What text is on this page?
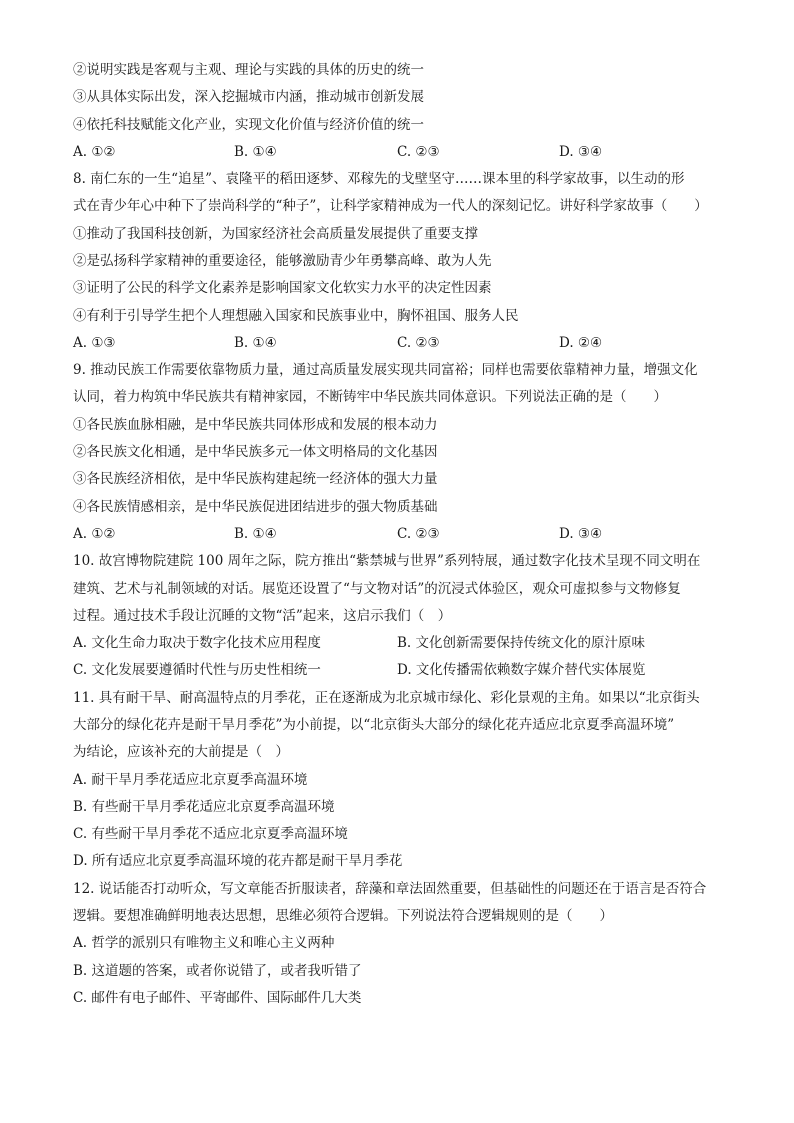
②说明实践是客观与主观、理论与实践的具体的历史的统一
③从具体实际出发，深入挖掘城市内涵，推动城市创新发展
④依托科技赋能文化产业，实现文化价值与经济价值的统一
A. ①②	B. ①④	C. ②③	D. ③④
8. 南仁东的一生“追星”、袁隆平的稻田逐梦、邓稼先的戈壁坚守……课本里的科学家故事，以生动的形
式在青少年心中种下了崇尚科学的“种子”，让科学家精神成为一代人的深刻记忆。讲好科学家故事（　　）
①推动了我国科技创新，为国家经济社会高质量发展提供了重要支撑
②是弘扬科学家精神的重要途径，能够激励青少年勇攀高峰、敢为人先
③证明了公民的科学文化素养是影响国家文化软实力水平的决定性因素
④有利于引导学生把个人理想融入国家和民族事业中，胸怀祖国、服务人民
A. ①③	B. ①④	C. ②③	D. ②④
9. 推动民族工作需要依靠物质力量，通过高质量发展实现共同富裕；同样也需要依靠精神力量，增强文化
认同，着力构筑中华民族共有精神家园，不断铸牢中华民族共同体意识。下列说法正确的是（　　）
①各民族血脉相融，是中华民族共同体形成和发展的根本动力
②各民族文化相通，是中华民族多元一体文明格局的文化基因
③各民族经济相依，是中华民族构建起统一经济体的强大力量
④各民族情感相亲，是中华民族促进团结进步的强大物质基础
A. ①②	B. ①④	C. ②③	D. ③④
10. 故宫博物院建院 100 周年之际，院方推出“紫禁城与世界”系列特展，通过数字化技术呈现不同文明在
建筑、艺术与礼制领域的对话。展览还设置了“与文物对话”的沉浸式体验区，观众可虚拟参与文物修复
过程。通过技术手段让沉睡的文物“活”起来，这启示我们（　）
A. 文化生命力取决于数字化技术应用程度	B. 文化创新需要保持传统文化的原汁原味
C. 文化发展要遵循时代性与历史性相统一	D. 文化传播需依赖数字媒介替代实体展览
11. 具有耐干旱、耐高温特点的月季花，正在逐渐成为北京城市绿化、彩化景观的主角。如果以“北京街头
大部分的绿化花卉是耐干旱月季花”为小前提，以“北京街头大部分的绿化花卉适应北京夏季高温环境”
为结论，应该补充的大前提是（　）
A. 耐干旱月季花适应北京夏季高温环境
B. 有些耐干旱月季花适应北京夏季高温环境
C. 有些耐干旱月季花不适应北京夏季高温环境
D. 所有适应北京夏季高温环境的花卉都是耐干旱月季花
12. 说话能否打动听众，写文章能否折服读者，辞藻和章法固然重要，但基础性的问题还在于语言是否符合
逻辑。要想准确鲜明地表达思想，思维必须符合逻辑。下列说法符合逻辑规则的是（　　）
A. 哲学的派别只有唯物主义和唯心主义两种
B. 这道题的答案，或者你说错了，或者我听错了
C. 邮件有电子邮件、平寄邮件、国际邮件几大类
